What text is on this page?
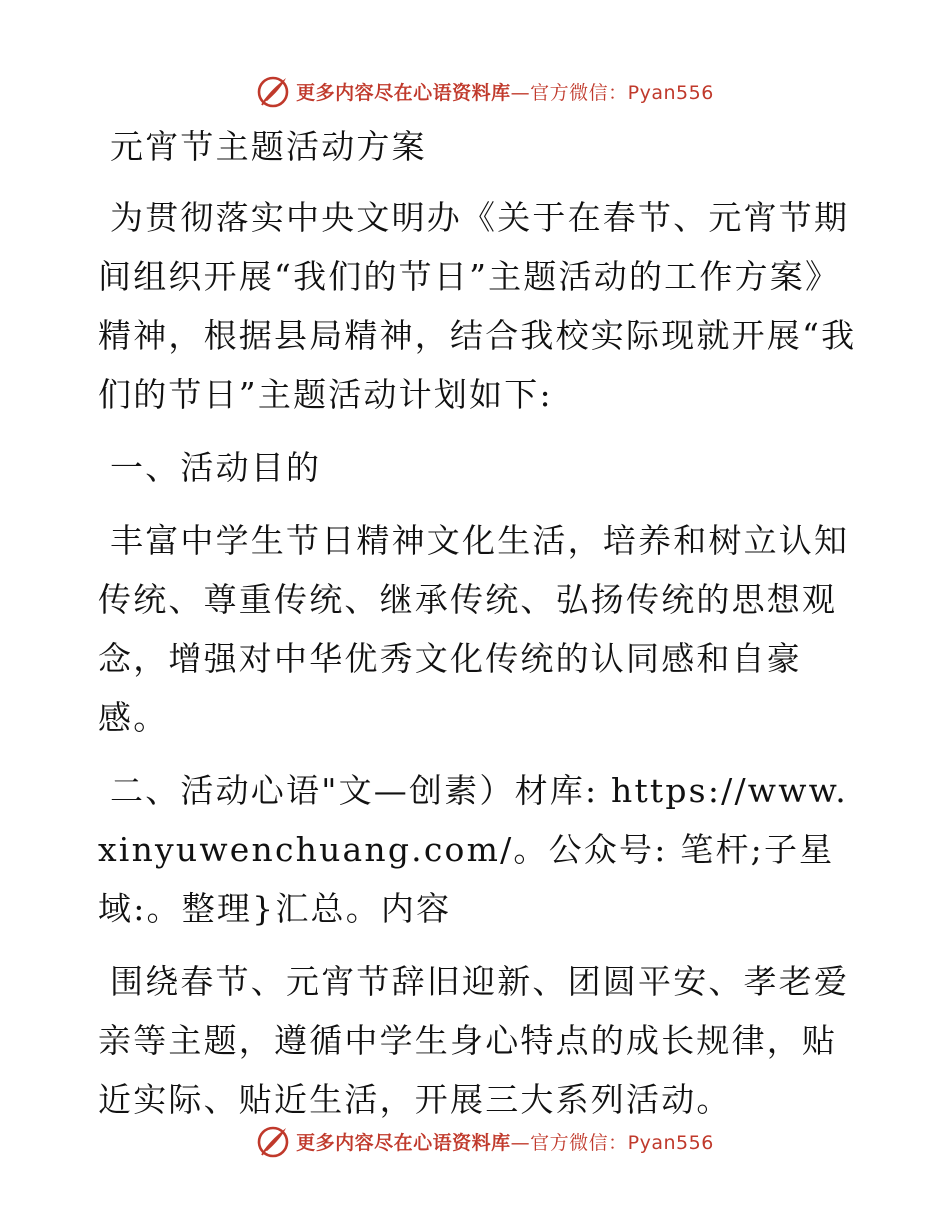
更多内容尽在心语资料库—官方微信：Pyan556

元宵节主题活动方案

为贯彻落实中央文明办《关于在春节、元宵节期间组织开展“我们的节日”主题活动的工作方案》精神，根据县局精神，结合我校实际现就开展“我们的节日”主题活动计划如下:

一、活动目的

丰富中学生节日精神文化生活，培养和树立认知传统、尊重传统、继承传统、弘扬传统的思想观念，增强对中华优秀文化传统的认同感和自豪感。

二、活动心语"文—创素）材库: https://www.xinyuwenchuang.com/。公众号: 笔杆;子星域:。整理}汇总。内容

围绕春节、元宵节辞旧迎新、团圆平安、孝老爱亲等主题，遵循中学生身心特点的成长规律，贴近实际、贴近生活，开展三大系列活动。

更多内容尽在心语资料库—官方微信：Pyan556
